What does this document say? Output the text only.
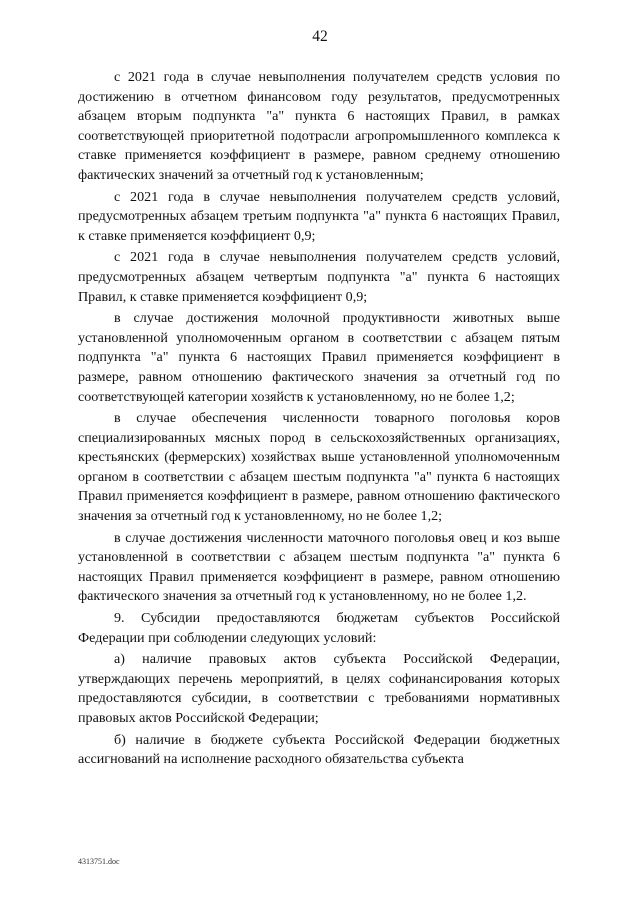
42

с 2021 года в случае невыполнения получателем средств условия по достижению в отчетном финансовом году результатов, предусмотренных абзацем вторым подпункта "а" пункта 6 настоящих Правил, в рамках соответствующей приоритетной подотрасли агропромышленного комплекса к ставке применяется коэффициент в размере, равном среднему отношению фактических значений за отчетный год к установленным;

с 2021 года в случае невыполнения получателем средств условий, предусмотренных абзацем третьим подпункта "а" пункта 6 настоящих Правил, к ставке применяется коэффициент 0,9;

с 2021 года в случае невыполнения получателем средств условий, предусмотренных абзацем четвертым подпункта "а" пункта 6 настоящих Правил, к ставке применяется коэффициент 0,9;

в случае достижения молочной продуктивности животных выше установленной уполномоченным органом в соответствии с абзацем пятым подпункта "а" пункта 6 настоящих Правил применяется коэффициент в размере, равном отношению фактического значения за отчетный год по соответствующей категории хозяйств к установленному, но не более 1,2;

в случае обеспечения численности товарного поголовья коров специализированных мясных пород в сельскохозяйственных организациях, крестьянских (фермерских) хозяйствах выше установленной уполномоченным органом в соответствии с абзацем шестым подпункта "а" пункта 6 настоящих Правил применяется коэффициент в размере, равном отношению фактического значения за отчетный год к установленному, но не более 1,2;

в случае достижения численности маточного поголовья овец и коз выше установленной в соответствии с абзацем шестым подпункта "а" пункта 6 настоящих Правил применяется коэффициент в размере, равном отношению фактического значения за отчетный год к установленному, но не более 1,2.

9. Субсидии предоставляются бюджетам субъектов Российской Федерации при соблюдении следующих условий:

а) наличие правовых актов субъекта Российской Федерации, утверждающих перечень мероприятий, в целях софинансирования которых предоставляются субсидии, в соответствии с требованиями нормативных правовых актов Российской Федерации;

б) наличие в бюджете субъекта Российской Федерации бюджетных ассигнований на исполнение расходного обязательства субъекта

4313751.doc
